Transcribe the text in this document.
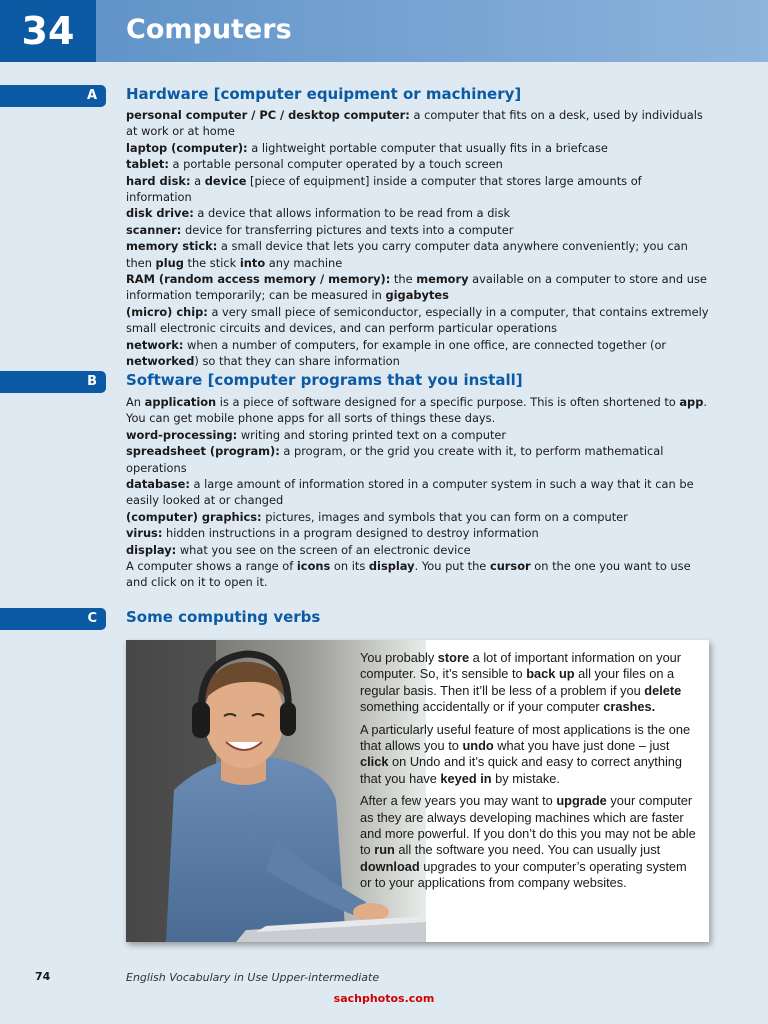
34	Computers
A	Hardware [computer equipment or machinery]
personal computer / PC / desktop computer: a computer that fits on a desk, used by individuals at work or at home
laptop (computer): a lightweight portable computer that usually fits in a briefcase
tablet: a portable personal computer operated by a touch screen
hard disk: a device [piece of equipment] inside a computer that stores large amounts of information
disk drive: a device that allows information to be read from a disk
scanner: device for transferring pictures and texts into a computer
memory stick: a small device that lets you carry computer data anywhere conveniently; you can then plug the stick into any machine
RAM (random access memory / memory): the memory available on a computer to store and use information temporarily; can be measured in gigabytes
(micro) chip: a very small piece of semiconductor, especially in a computer, that contains extremely small electronic circuits and devices, and can perform particular operations
network: when a number of computers, for example in one office, are connected together (or networked) so that they can share information
B	Software [computer programs that you install]
An application is a piece of software designed for a specific purpose. This is often shortened to app. You can get mobile phone apps for all sorts of things these days.
word-processing: writing and storing printed text on a computer
spreadsheet (program): a program, or the grid you create with it, to perform mathematical operations
database: a large amount of information stored in a computer system in such a way that it can be easily looked at or changed
(computer) graphics: pictures, images and symbols that you can form on a computer
virus: hidden instructions in a program designed to destroy information
display: what you see on the screen of an electronic device
A computer shows a range of icons on its display. You put the cursor on the one you want to use and click on it to open it.
C	Some computing verbs

You probably store a lot of important information on your computer. So, it’s sensible to back up all your files on a regular basis. Then it’ll be less of a problem if you delete something accidentally or if your computer crashes.

A particularly useful feature of most applications is the one that allows you to undo what you have just done – just click on Undo and it’s quick and easy to correct anything that you have keyed in by mistake.

After a few years you may want to upgrade your computer as they are always developing machines which are faster and more powerful. If you don’t do this you may not be able to run all the software you need. You can usually just download upgrades to your computer’s operating system or to your applications from company websites.

74	English Vocabulary in Use Upper-intermediate
sachphotos.com
